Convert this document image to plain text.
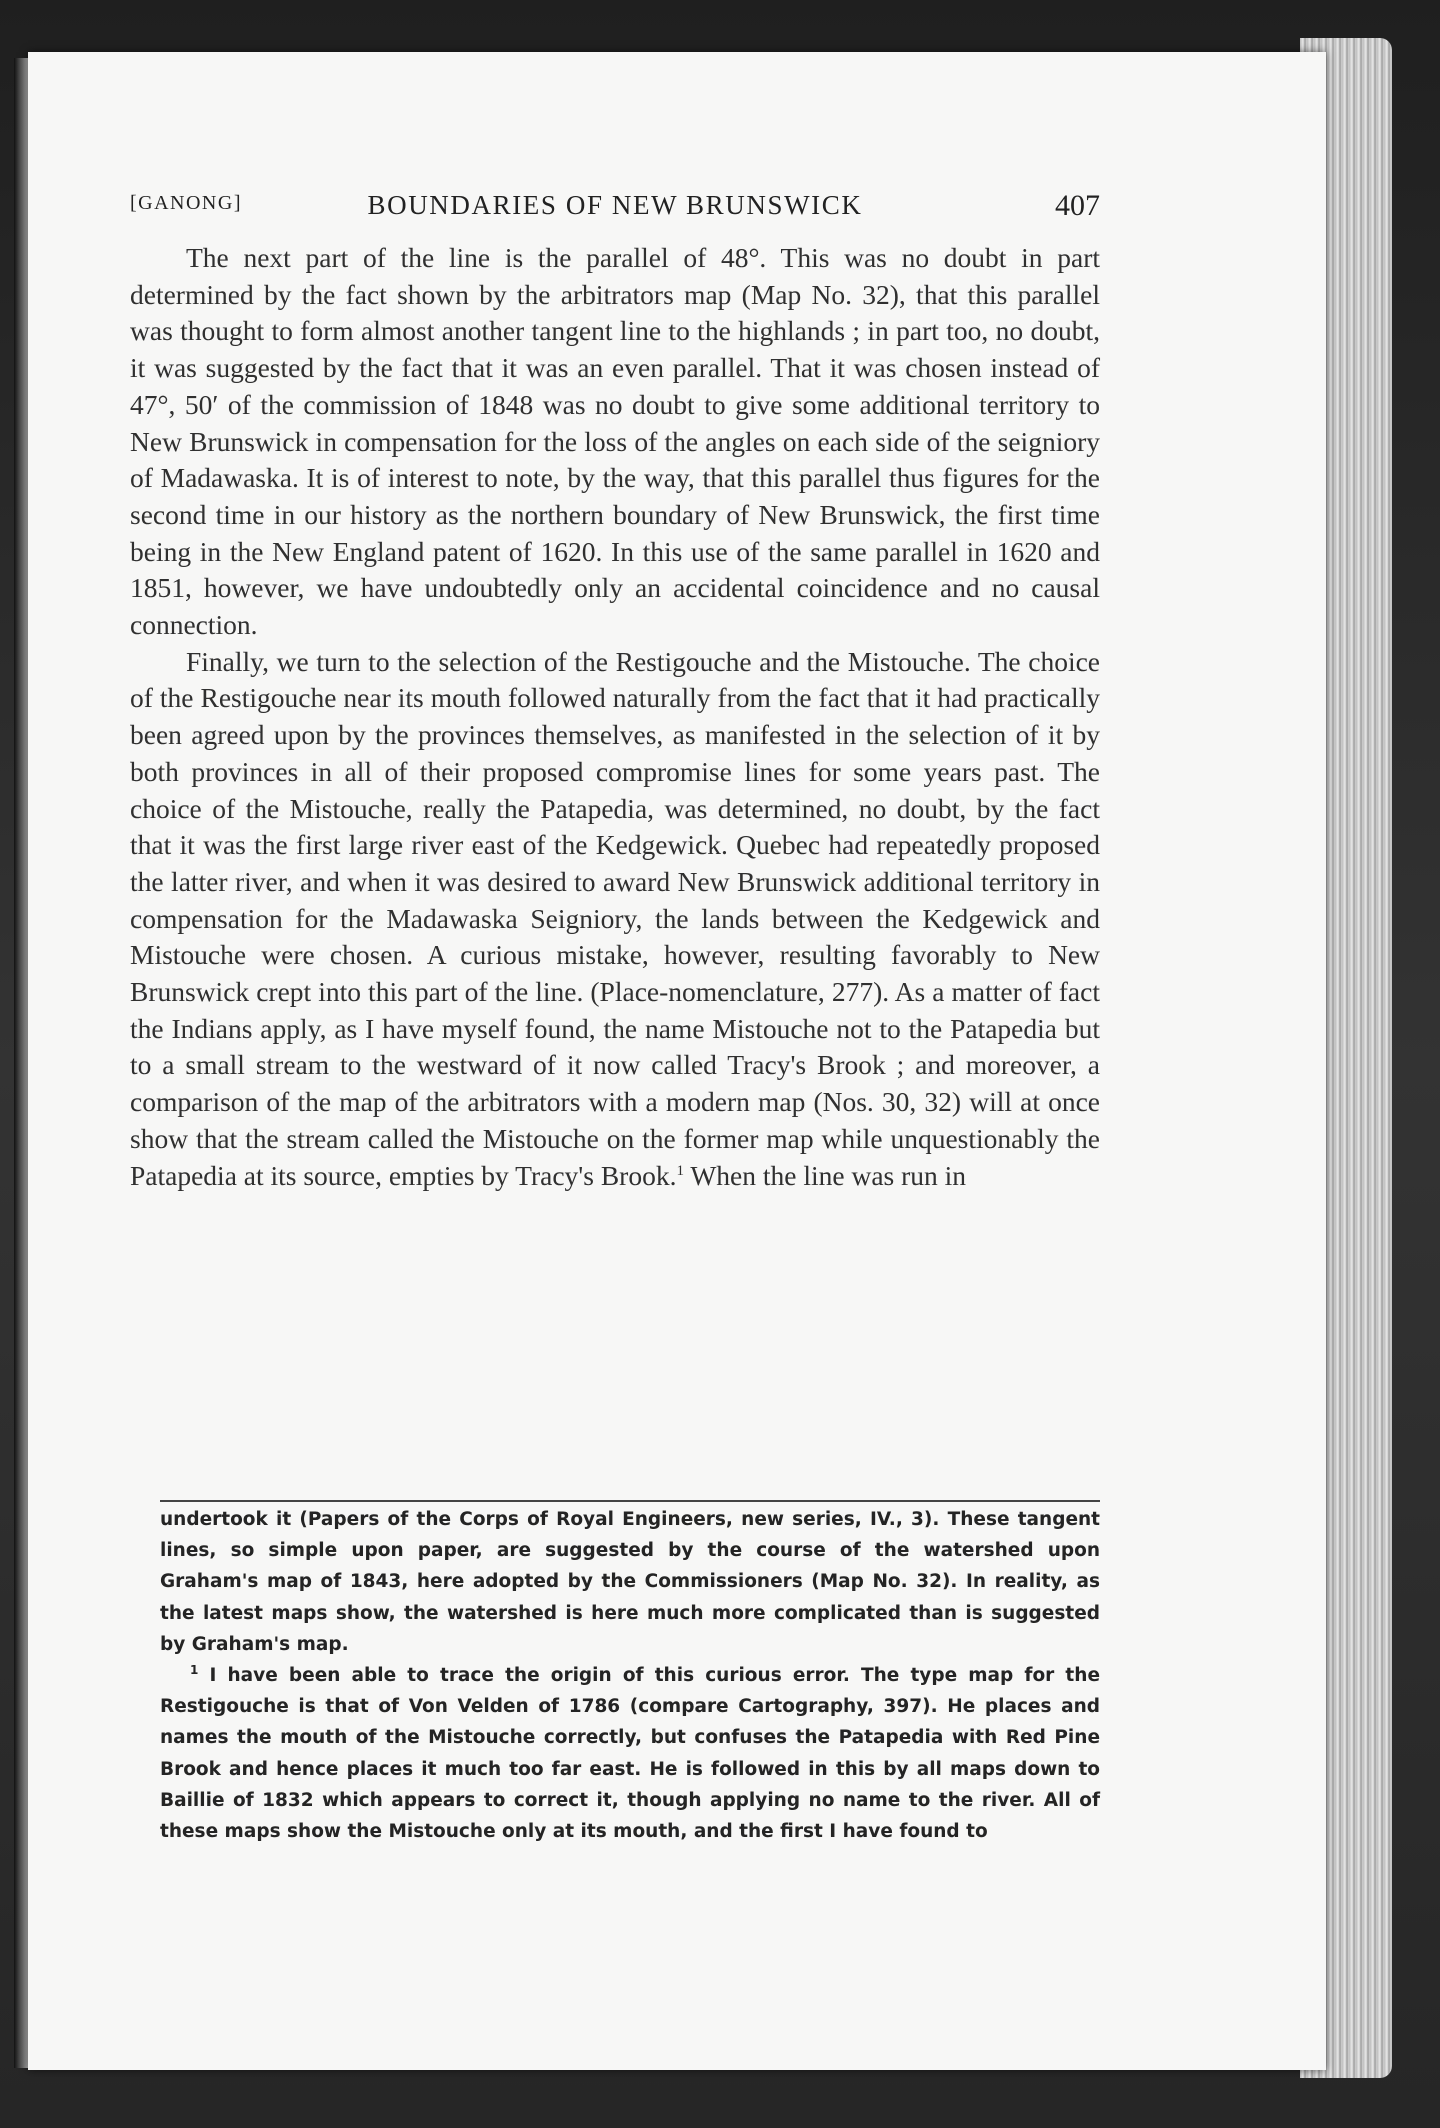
[GANONG]	BOUNDARIES OF NEW BRUNSWICK	407

The next part of the line is the parallel of 48°. This was no doubt in part determined by the fact shown by the arbitrators map (Map No. 32), that this parallel was thought to form almost another tangent line to the highlands ; in part too, no doubt, it was suggested by the fact that it was an even parallel. That it was chosen instead of 47°, 50′ of the commission of 1848 was no doubt to give some additional territory to New Brunswick in compensation for the loss of the angles on each side of the seigniory of Madawaska. It is of interest to note, by the way, that this parallel thus figures for the second time in our history as the northern boundary of New Brunswick, the first time being in the New England patent of 1620. In this use of the same parallel in 1620 and 1851, however, we have undoubtedly only an accidental coincidence and no causal connection.

Finally, we turn to the selection of the Restigouche and the Mistouche. The choice of the Restigouche near its mouth followed naturally from the fact that it had practically been agreed upon by the provinces themselves, as manifested in the selection of it by both provinces in all of their proposed compromise lines for some years past. The choice of the Mistouche, really the Patapedia, was determined, no doubt, by the fact that it was the first large river east of the Kedgewick. Quebec had repeatedly proposed the latter river, and when it was desired to award New Brunswick additional territory in compensation for the Madawaska Seigniory, the lands between the Kedgewick and Mistouche were chosen. A curious mistake, however, resulting favorably to New Brunswick crept into this part of the line. (Place-nomenclature, 277). As a matter of fact the Indians apply, as I have myself found, the name Mistouche not to the Patapedia but to a small stream to the westward of it now called Tracy's Brook ; and moreover, a comparison of the map of the arbitrators with a modern map (Nos. 30, 32) will at once show that the stream called the Mistouche on the former map while unquestionably the Patapedia at its source, empties by Tracy's Brook.$^1$ When the line was run in

undertook it (Papers of the Corps of Royal Engineers, new series, IV., 3). These tangent lines, so simple upon paper, are suggested by the course of the watershed upon Graham's map of 1843, here adopted by the Commissioners (Map No. 32). In reality, as the latest maps show, the watershed is here much more complicated than is suggested by Graham's map.

$^1$ I have been able to trace the origin of this curious error. The type map for the Restigouche is that of Von Velden of 1786 (compare Cartography, 397). He places and names the mouth of the Mistouche correctly, but confuses the Patapedia with Red Pine Brook and hence places it much too far east. He is followed in this by all maps down to Baillie of 1832 which appears to correct it, though applying no name to the river. All of these maps show the Mistouche only at its mouth, and the first I have found to
